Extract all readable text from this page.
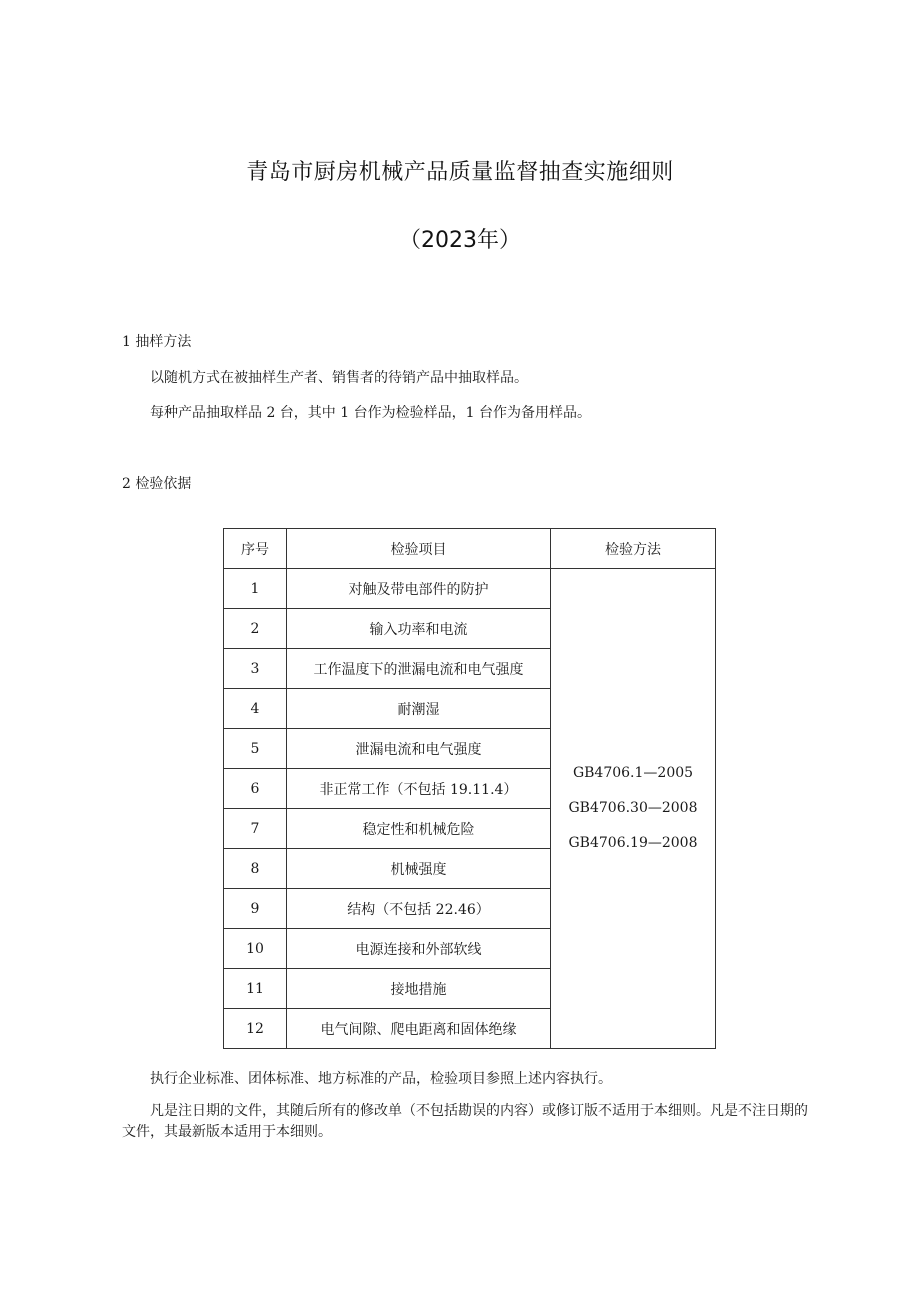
青岛市厨房机械产品质量监督抽查实施细则
（2023年）
1 抽样方法
以随机方式在被抽样生产者、销售者的待销产品中抽取样品。
每种产品抽取样品 2 台，其中 1 台作为检验样品，1 台作为备用样品。
2 检验依据
序号	检验项目	检验方法
1	对触及带电部件的防护	GB4706.1—2005
GB4706.30—2008
GB4706.19—2008

2	输入功率和电流	
3	工作温度下的泄漏电流和电气强度	
4	耐潮湿	
5	泄漏电流和电气强度	
6	非正常工作（不包括 19.11.4）	
7	稳定性和机械危险	
8	机械强度	
9	结构（不包括 22.46）	
10	电源连接和外部软线	
11	接地措施	
12	电气间隙、爬电距离和固体绝缘	
执行企业标准、团体标准、地方标准的产品，检验项目参照上述内容执行。
凡是注日期的文件，其随后所有的修改单（不包括勘误的内容）或修订版不适用于本细则。凡是不注日期的文件，其最新版本适用于本细则。
